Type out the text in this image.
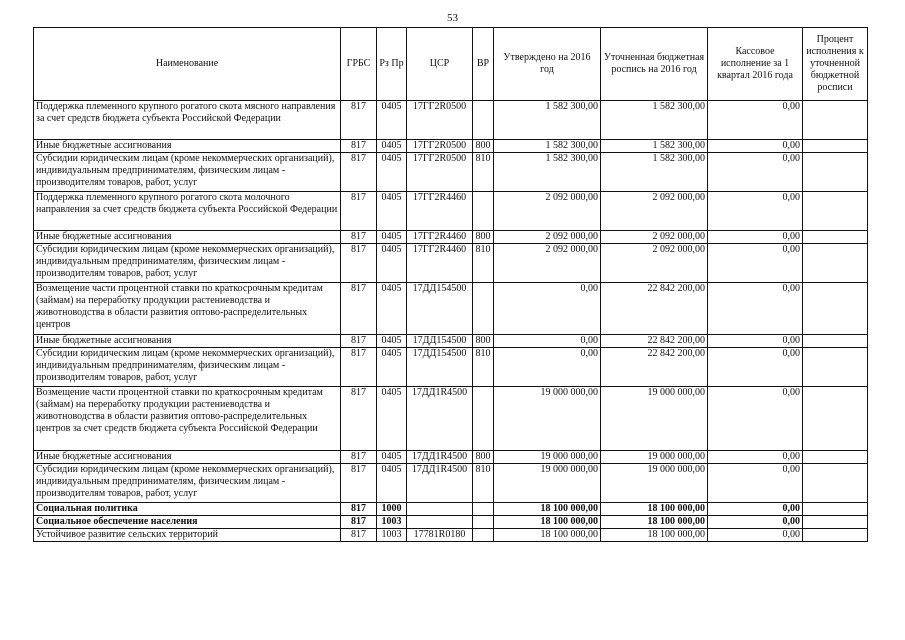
53
Наименование	ГРБС	Рз Пр	ЦСР	ВР	Утверждено на 2016 год	Уточненная бюджетная роспись на 2016 год	Кассовое исполнение за 1 квартал 2016 года	Процент исполнения к уточненной бюджетной росписи
Поддержка племенного крупного рогатого скота мясного направления за счет средств бюджета субъекта Российской Федерации	817	0405	17ГГ2R0500		1 582 300,00	1 582 300,00	0,00	
Иные бюджетные ассигнования	817	0405	17ГГ2R0500	800	1 582 300,00	1 582 300,00	0,00	
Субсидии юридическим лицам (кроме некоммерческих организаций), индивидуальным предпринимателям, физическим лицам - производителям товаров, работ, услуг	817	0405	17ГГ2R0500	810	1 582 300,00	1 582 300,00	0,00	
Поддержка племенного крупного рогатого скота молочного направления за счет средств бюджета субъекта Российской Федерации	817	0405	17ГГ2R4460		2 092 000,00	2 092 000,00	0,00	
Иные бюджетные ассигнования	817	0405	17ГГ2R4460	800	2 092 000,00	2 092 000,00	0,00	
Субсидии юридическим лицам (кроме некоммерческих организаций), индивидуальным предпринимателям, физическим лицам - производителям товаров, работ, услуг	817	0405	17ГГ2R4460	810	2 092 000,00	2 092 000,00	0,00	
Возмещение части процентной ставки по краткосрочным кредитам (займам) на переработку продукции растениеводства и животноводства в области развития оптово-распределительных центров	817	0405	17ДД154500		0,00	22 842 200,00	0,00	
Иные бюджетные ассигнования	817	0405	17ДД154500	800	0,00	22 842 200,00	0,00	
Субсидии юридическим лицам (кроме некоммерческих организаций), индивидуальным предпринимателям, физическим лицам - производителям товаров, работ, услуг	817	0405	17ДД154500	810	0,00	22 842 200,00	0,00	
Возмещение части процентной ставки по краткосрочным кредитам (займам) на переработку продукции растениеводства и животноводства в области развития оптово-распределительных центров за счет средств бюджета субъекта Российской Федерации	817	0405	17ДД1R4500		19 000 000,00	19 000 000,00	0,00	
Иные бюджетные ассигнования	817	0405	17ДД1R4500	800	19 000 000,00	19 000 000,00	0,00	
Субсидии юридическим лицам (кроме некоммерческих организаций), индивидуальным предпринимателям, физическим лицам - производителям товаров, работ, услуг	817	0405	17ДД1R4500	810	19 000 000,00	19 000 000,00	0,00	
Социальная политика	817	1000			18 100 000,00	18 100 000,00	0,00	
Социальное обеспечение населения	817	1003			18 100 000,00	18 100 000,00	0,00	
Устойчивое развитие сельских территорий	817	1003	17781R0180		18 100 000,00	18 100 000,00	0,00	
